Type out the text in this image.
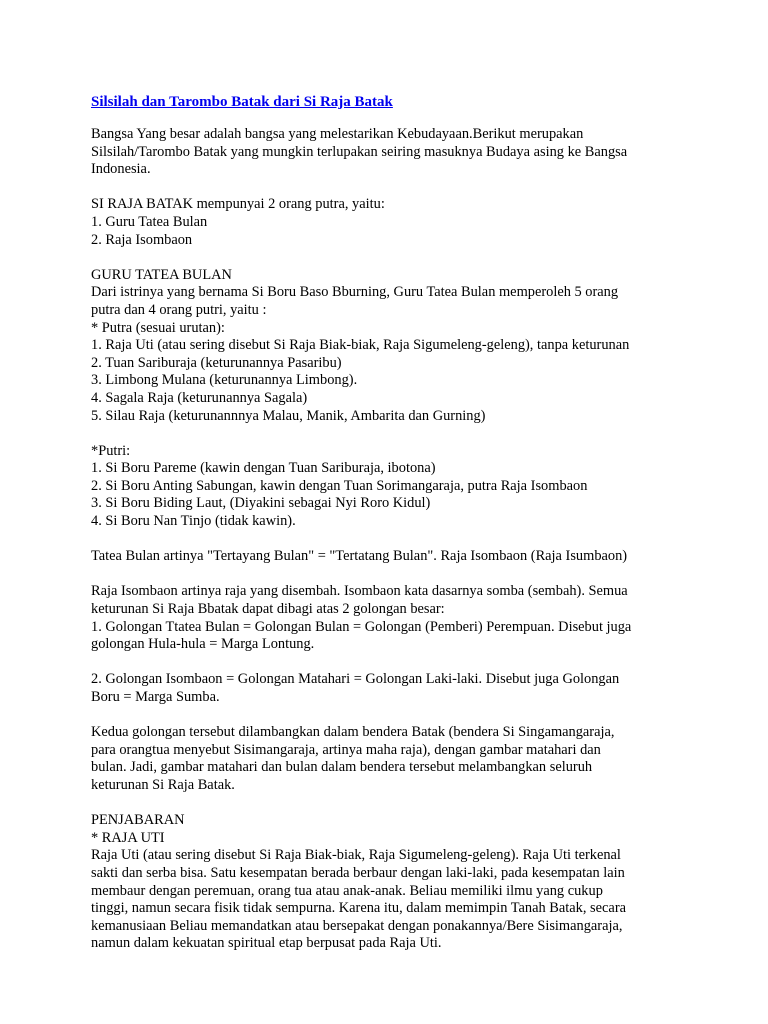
Silsilah dan Tarombo Batak dari Si Raja Batak
Bangsa Yang besar adalah bangsa yang melestarikan Kebudayaan.Berikut merupakan
Silsilah/Tarombo Batak yang mungkin terlupakan seiring masuknya Budaya asing ke Bangsa
Indonesia.
SI RAJA BATAK mempunyai 2 orang putra, yaitu:
1. Guru Tatea Bulan
2. Raja Isombaon
GURU TATEA BULAN
Dari istrinya yang bernama Si Boru Baso Bburning, Guru Tatea Bulan memperoleh 5 orang
putra dan 4 orang putri, yaitu :
* Putra (sesuai urutan):
1. Raja Uti (atau sering disebut Si Raja Biak-biak, Raja Sigumeleng-geleng), tanpa keturunan
2. Tuan Sariburaja (keturunannya Pasaribu)
3. Limbong Mulana (keturunannya Limbong).
4. Sagala Raja (keturunannya Sagala)
5. Silau Raja (keturunannnya Malau, Manik, Ambarita dan Gurning)
*Putri:
1. Si Boru Pareme (kawin dengan Tuan Sariburaja, ibotona)
2. Si Boru Anting Sabungan, kawin dengan Tuan Sorimangaraja, putra Raja Isombaon
3. Si Boru Biding Laut, (Diyakini sebagai Nyi Roro Kidul)
4. Si Boru Nan Tinjo (tidak kawin).
Tatea Bulan artinya "Tertayang Bulan" = "Tertatang Bulan". Raja Isombaon (Raja Isumbaon)
Raja Isombaon artinya raja yang disembah. Isombaon kata dasarnya somba (sembah). Semua
keturunan Si Raja Bbatak dapat dibagi atas 2 golongan besar:
1. Golongan Ttatea Bulan = Golongan Bulan = Golongan (Pemberi) Perempuan. Disebut juga
golongan Hula-hula = Marga Lontung.
2. Golongan Isombaon = Golongan Matahari = Golongan Laki-laki. Disebut juga Golongan
Boru = Marga Sumba.
Kedua golongan tersebut dilambangkan dalam bendera Batak (bendera Si Singamangaraja,
para orangtua menyebut Sisimangaraja, artinya maha raja), dengan gambar matahari dan
bulan. Jadi, gambar matahari dan bulan dalam bendera tersebut melambangkan seluruh
keturunan Si Raja Batak.
PENJABARAN
* RAJA UTI
Raja Uti (atau sering disebut Si Raja Biak-biak, Raja Sigumeleng-geleng). Raja Uti terkenal
sakti dan serba bisa. Satu kesempatan berada berbaur dengan laki-laki, pada kesempatan lain
membaur dengan peremuan, orang tua atau anak-anak. Beliau memiliki ilmu yang cukup
tinggi, namun secara fisik tidak sempurna. Karena itu, dalam memimpin Tanah Batak, secara
kemanusiaan Beliau memandatkan atau bersepakat dengan ponakannya/Bere Sisimangaraja,
namun dalam kekuatan spiritual etap berpusat pada Raja Uti.
